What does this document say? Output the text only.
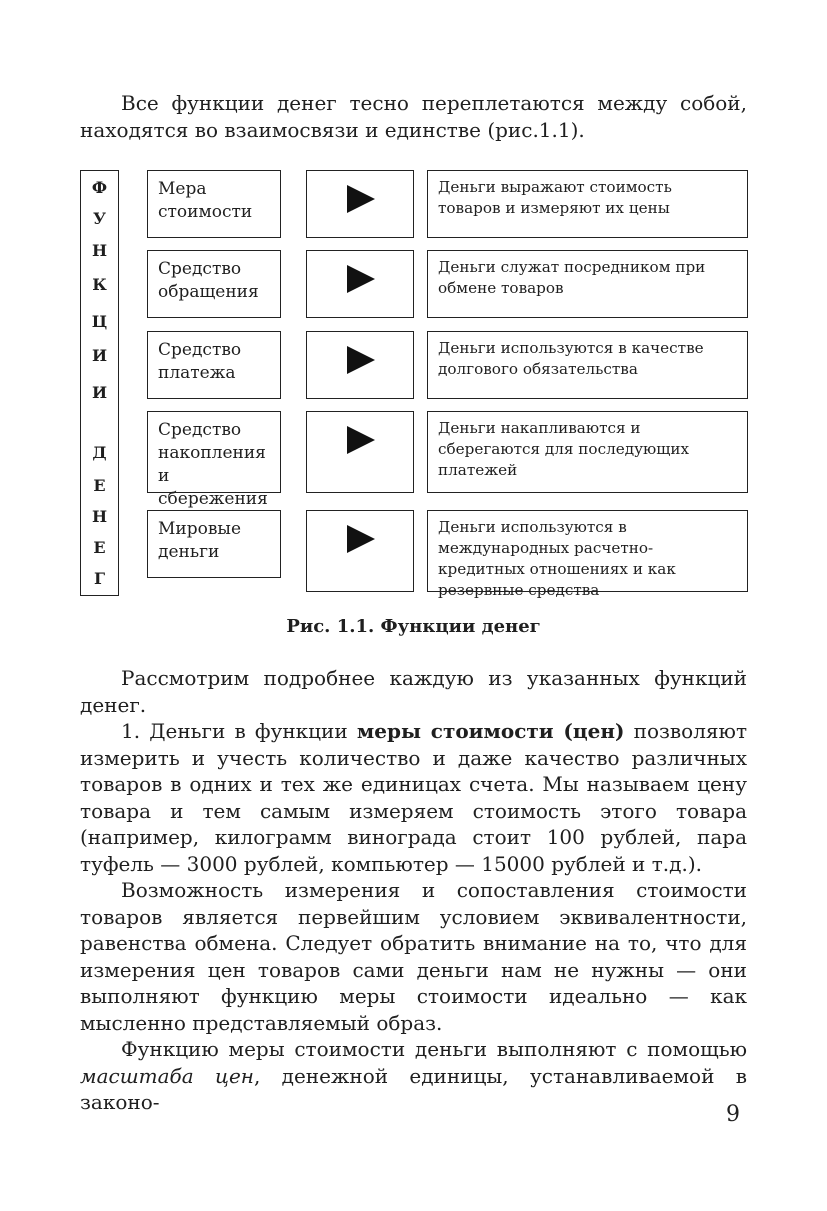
Все функции денег тесно переплетаются между собой, находятся во взаимосвязи и единстве (рис.1.1).

Ф
У
Н
К
Ц
И
И
Д
Е
Н
Е
Г
Мера
стоимости
Деньги выражают стоимость товаров и измеряют их цены
Средство
обращения
Деньги служат посредником при обмене товаров
Средство
платежа
Деньги используются в качестве долгового обязательства
Средство
накопления
и сбережения
Деньги накапливаются и сберегаются для последующих платежей
Мировые
деньги
Деньги используются в международных расчетно-кредитных отношениях и как резервные средства

Рис. 1.1. Функции денег

Рассмотрим подробнее каждую из указанных функций денег.

1. Деньги в функции меры стоимости (цен) позволяют измерить и учесть количество и даже качество различных товаров в одних и тех же единицах счета. Мы называем цену товара и тем самым измеряем стоимость этого товара (например, килограмм винограда стоит 100 рублей, пара туфель — 3000 рублей, компьютер — 15000 рублей и т.д.).

Возможность измерения и сопоставления стоимости товаров является первейшим условием эквивалентности, равенства обмена. Следует обратить внимание на то, что для измерения цен товаров сами деньги нам не нужны — они выполняют функцию меры стоимости идеально — как мысленно представляемый образ.

Функцию меры стоимости деньги выполняют с помощью масштаба цен, денежной единицы, устанавливаемой в законо-	9
